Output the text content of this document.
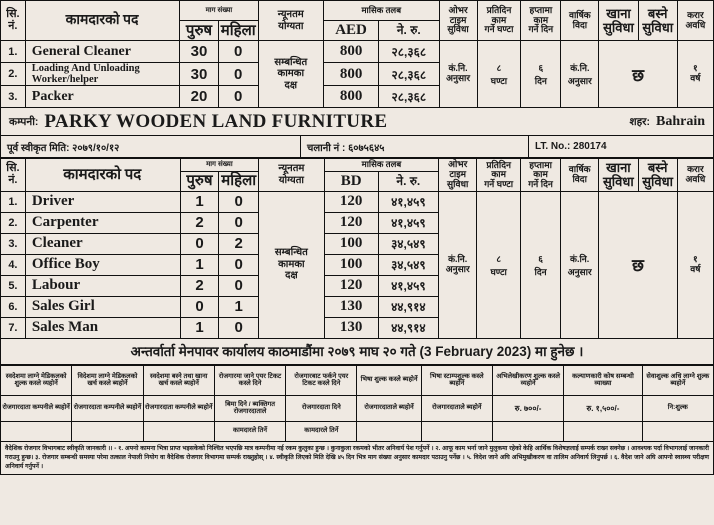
सि.
नं.	कामदारको पद	माग संख्या		न्यूनतम
योग्यता	मासिक तलब		ओभर
टाइम
सुविधा	प्रतिदिन
काम
गर्ने घण्टा	हप्तामा
काम
गर्ने दिन	वार्षिक
विदा	खाना
सुविधा	बस्ने
सुविधा	करार
अवधि
		पुरुष	महिला		AED	ने. रु.							
1.	General Cleaner	30	0	सम्बन्धित
कामका
दक्ष	800	२८,३६८	कं.नि.
अनुसार	८
घण्टा	६
दिन	कं.नि.
अनुसार	छ		१
वर्ष
2.	Loading And Unloading Worker/helper	30	0		800	२८,३६८							
3.	Packer	20	0		800	२८,३६८							
कम्पनी: PARKY WOODEN LAND FURNITURE	शहर: Bahrain
पूर्व स्वीकृत मिति: २०७९/१०/१२	चलानी नं : ६०७५६४५	LT. No.: 280174
सि.
नं.	कामदारको पद	माग संख्या		न्यूनतम
योग्यता	मासिक तलब		ओभर
टाइम
सुविधा	प्रतिदिन
काम
गर्ने घण्टा	हप्तामा
काम
गर्ने दिन	वार्षिक
विदा	खाना
सुविधा	बस्ने
सुविधा	करार
अवधि
		पुरुष	महिला		BD	ने. रु.							
1.	Driver	1	0	सम्बन्धित
कामका
दक्ष	120	४१,४५९	कं.नि.
अनुसार	८
घण्टा	६
दिन	कं.नि.
अनुसार	छ		१
वर्ष
2.	Carpenter	2	0		120	४१,४५९							
3.	Cleaner	0	2		100	३४,५४९							
4.	Office Boy	1	0		100	३४,५४९							
5.	Labour	2	0		120	४१,४५९							
6.	Sales Girl	0	1		130	४४,९१४							
7.	Sales Man	1	0		130	४४,९१४							
अन्तर्वार्ता मेनपावर कार्यालय काठमाडौंमा २०७९ माघ २० गते (3 February 2023) मा हुनेछ ।
स्वदेशमा लाग्ने मेडिकलको शुल्क कस्ले व्यहोर्ने	विदेशमा लाग्ने मेडिकलको खर्च कस्ले ब्यहोर्ने	स्वदेशमा बस्ने तथा खाना खर्च कस्ले ब्यहोर्ने	रोजगारमा जाने एयर टिकट कस्ले दिने	रोजगारबाट फर्कने एयर टिकट कस्ले दिने	भिषा शुल्क कस्ले ब्यहोर्ने	भिषा स्टाम्पशुल्क कस्ले ब्यहोर्ने	अभिलेखीकरण शुल्क कस्ले व्यहोर्ने	कल्याणकारी कोष सम्बन्धी व्याख्या	सेवाशुल्क अधि लाग्ने शुल्क ब्यहोर्ने
रोजगारदाता कम्पनीले ब्यहोर्ने	रोजगारदाता कम्पनीले ब्यहोर्ने	रोजगारदाता कम्पनीले ब्यहोर्ने	बिमा दिने / ब्यक्तिगत रोजगारदाताले	रोजगारदाता दिने	रोजगारदाताले ब्यहोर्ने	रोजगारदाताले ब्यहोर्ने	रु. ७००/-	रु. १,५००/-	नि:शुल्क
			कामदारले तिर्ने	कामदारले तिर्ने					
वैदेशिक रोजगार विभागबाट स्वीकृति जानकारी ।। - १. अफ्नो कामना भित्रा प्राप्त भइसकेको निश्चित भएपछि मात्र कम्पनीमा नई रकम कुलुका हुन्छ । कुनाकुला रकमको भीतर अनिवार्य पेश गर्नुपर्ने । २. आफू काम भर्ना जाने मुलुकमा रहेको केहि आर्थिक विशेषज्ञलाई सम्पर्क राख्न सक्नेछ । आवश्यक पर्दा विभागलाई जानकारी गराउनु हुन्छ। ३. रोजगार सम्बन्धी समस्या परेमा तत्काल नेपाली नियोग वा वैदेशिक रोजगार विभागमा सम्पर्क राख्नुहोस् । ४. स्वीकृति लिएको मिति देखि ४५ दिन भित्र माग संख्या अनुसार कामदार पठाउनु पर्नेछ । ५. विदेश जाने अघि अभिमुखीकरण वा तालिम अनिवार्य लिनुपर्छ । ६. वैदेश जाने अघि आफ्नो स्वास्थ्य परीक्षण अनिवार्य गर्नुपर्ने ।
